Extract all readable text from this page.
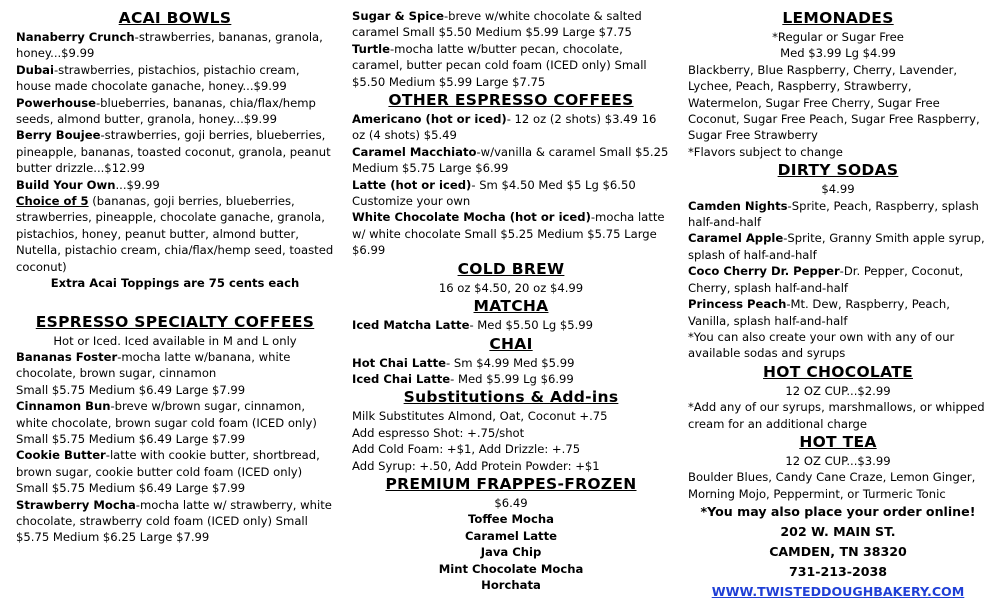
ACAI BOWLS

Nanaberry Crunch-strawberries, bananas, granola, honey...$9.99

Dubai-strawberries, pistachios, pistachio cream, house made chocolate ganache, honey...$9.99

Powerhouse-blueberries, bananas, chia/flax/hemp seeds, almond butter, granola, honey...$9.99

Berry Boujee-strawberries, goji berries, blueberries, pineapple, bananas, toasted coconut, granola, peanut butter drizzle...$12.99

Build Your Own...$9.99

Choice of 5 (bananas, goji berries, blueberries, strawberries, pineapple, chocolate ganache, granola, pistachios, honey, peanut butter, almond butter, Nutella, pistachio cream, chia/flax/hemp seed, toasted coconut)

Extra Acai Toppings are 75 cents each

ESPRESSO SPECIALTY COFFEES

Hot or Iced. Iced available in M and L only

Bananas Foster-mocha latte w/banana, white chocolate, brown sugar, cinnamon

Small $5.75 Medium $6.49 Large $7.99

Cinnamon Bun-breve w/brown sugar, cinnamon, white chocolate, brown sugar cold foam (ICED only)

Small $5.75 Medium $6.49 Large $7.99

Cookie Butter-latte with cookie butter, shortbread, brown sugar, cookie butter cold foam (ICED only)

Small $5.75 Medium $6.49 Large $7.99

Strawberry Mocha-mocha latte w/ strawberry, white chocolate, strawberry cold foam (ICED only) Small $5.75 Medium $6.25 Large $7.99

Sugar & Spice-breve w/white chocolate & salted caramel Small $5.50 Medium $5.99 Large $7.75

Turtle-mocha latte w/butter pecan, chocolate, caramel, butter pecan cold foam (ICED only) Small $5.50 Medium $5.99 Large $7.75

OTHER ESPRESSO COFFEES

Americano (hot or iced)- 12 oz (2 shots) $3.49 16 oz (4 shots) $5.49

Caramel Macchiato-w/vanilla & caramel Small $5.25 Medium $5.75 Large $6.99

Latte (hot or iced)- Sm $4.50 Med $5 Lg $6.50 Customize your own

White Chocolate Mocha (hot or iced)-mocha latte w/ white chocolate Small $5.25 Medium $5.75 Large $6.99

COLD BREW

16 oz $4.50, 20 oz $4.99

MATCHA

Iced Matcha Latte- Med $5.50 Lg $5.99

CHAI

Hot Chai Latte- Sm $4.99 Med $5.99

Iced Chai Latte- Med $5.99 Lg $6.99

Substitutions & Add-ins

Milk Substitutes Almond, Oat, Coconut +.75

Add espresso Shot: +.75/shot

Add Cold Foam: +$1, Add Drizzle: +.75

Add Syrup: +.50, Add Protein Powder: +$1

PREMIUM FRAPPES-FROZEN

$6.49

Toffee Mocha

Caramel Latte

Java Chip

Mint Chocolate Mocha

Horchata

LEMONADES

*Regular or Sugar Free

Med $3.99 Lg $4.99

Blackberry, Blue Raspberry, Cherry, Lavender, Lychee, Peach, Raspberry, Strawberry, Watermelon, Sugar Free Cherry, Sugar Free Coconut, Sugar Free Peach, Sugar Free Raspberry, Sugar Free Strawberry

*Flavors subject to change

DIRTY SODAS

$4.99

Camden Nights-Sprite, Peach, Raspberry, splash half-and-half

Caramel Apple-Sprite, Granny Smith apple syrup, splash of half-and-half

Coco Cherry Dr. Pepper-Dr. Pepper, Coconut, Cherry, splash half-and-half

Princess Peach-Mt. Dew, Raspberry, Peach, Vanilla, splash half-and-half

*You can also create your own with any of our available sodas and syrups

HOT CHOCOLATE

12 OZ CUP...$2.99

*Add any of our syrups, marshmallows, or whipped cream for an additional charge

HOT TEA

12 OZ CUP...$3.99

Boulder Blues, Candy Cane Craze, Lemon Ginger, Morning Mojo, Peppermint, or Turmeric Tonic

*You may also place your order online!

202 W. MAIN ST.

CAMDEN, TN 38320

731-213-2038

WWW.TWISTEDDOUGHBAKERY.COM
